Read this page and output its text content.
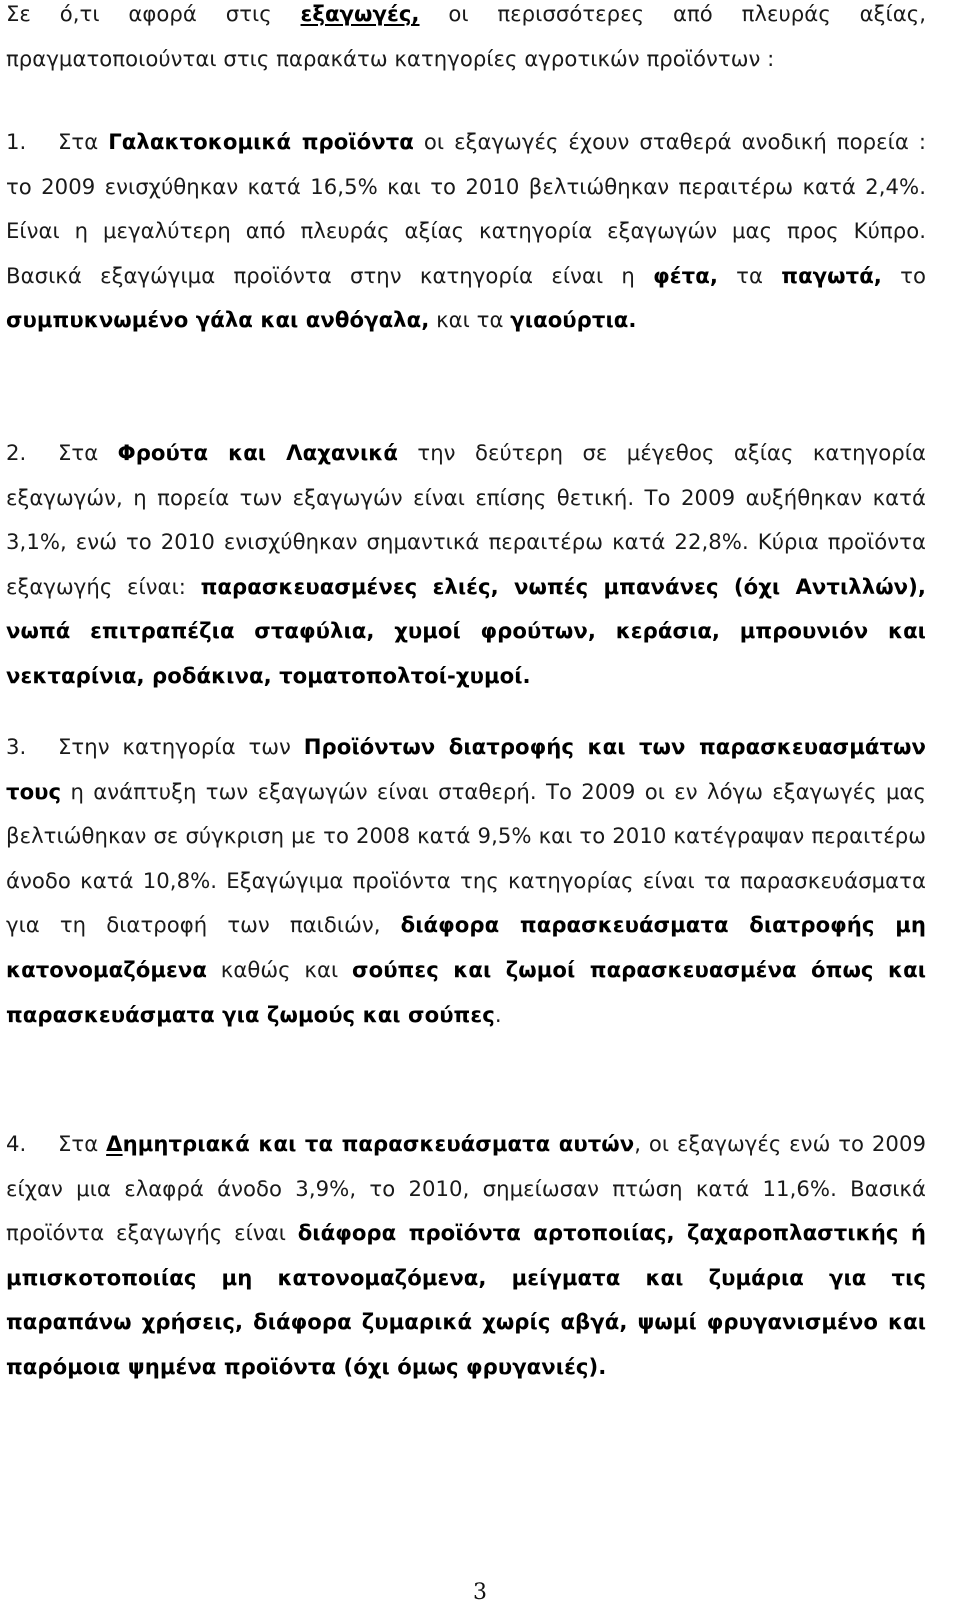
Σε ό,τι αφορά στις εξαγωγές, οι περισσότερες από πλευράς αξίας, πραγματοποιούνται στις παρακάτω κατηγορίες αγροτικών προϊόντων :

1. Στα Γαλακτοκομικά προϊόντα οι εξαγωγές έχουν σταθερά ανοδική πορεία : το 2009 ενισχύθηκαν κατά 16,5% και το 2010 βελτιώθηκαν περαιτέρω κατά 2,4%. Είναι η μεγαλύτερη από πλευράς αξίας κατηγορία εξαγωγών μας προς Κύπρο. Βασικά εξαγώγιμα προϊόντα στην κατηγορία είναι η φέτα, τα παγωτά, το συμπυκνωμένο γάλα και ανθόγαλα, και τα γιαούρτια.

2. Στα Φρούτα και Λαχανικά την δεύτερη σε μέγεθος αξίας κατηγορία εξαγωγών, η πορεία των εξαγωγών είναι επίσης θετική. Το 2009 αυξήθηκαν κατά 3,1%, ενώ το 2010 ενισχύθηκαν σημαντικά περαιτέρω κατά 22,8%. Κύρια προϊόντα εξαγωγής είναι: παρασκευασμένες ελιές, νωπές μπανάνες (όχι Αντιλλών), νωπά επιτραπέζια σταφύλια, χυμοί φρούτων, κεράσια, μπρουνιόν και νεκταρίνια, ροδάκινα, τοματοπολτοί-χυμοί.

3. Στην κατηγορία των Προϊόντων διατροφής και των παρασκευασμάτων τους η ανάπτυξη των εξαγωγών είναι σταθερή. Το 2009 οι εν λόγω εξαγωγές μας βελτιώθηκαν σε σύγκριση με το 2008 κατά 9,5% και το 2010 κατέγραψαν περαιτέρω άνοδο κατά 10,8%. Εξαγώγιμα προϊόντα της κατηγορίας είναι τα παρασκευάσματα για τη διατροφή των παιδιών, διάφορα παρασκευάσματα διατροφής μη κατονομαζόμενα καθώς και σούπες και ζωμοί παρασκευασμένα όπως και παρασκευάσματα για ζωμούς και σούπες.

4. Στα Δημητριακά και τα παρασκευάσματα αυτών, οι εξαγωγές ενώ το 2009 είχαν μια ελαφρά άνοδο 3,9%, το 2010, σημείωσαν πτώση κατά 11,6%. Βασικά προϊόντα εξαγωγής είναι διάφορα προϊόντα αρτοποιίας, ζαχαροπλαστικής ή μπισκοτοποιίας μη κατονομαζόμενα, μείγματα και ζυμάρια για τις παραπάνω χρήσεις, διάφορα ζυμαρικά χωρίς αβγά, ψωμί φρυγανισμένο και παρόμοια ψημένα προϊόντα (όχι όμως φρυγανιές).

3
